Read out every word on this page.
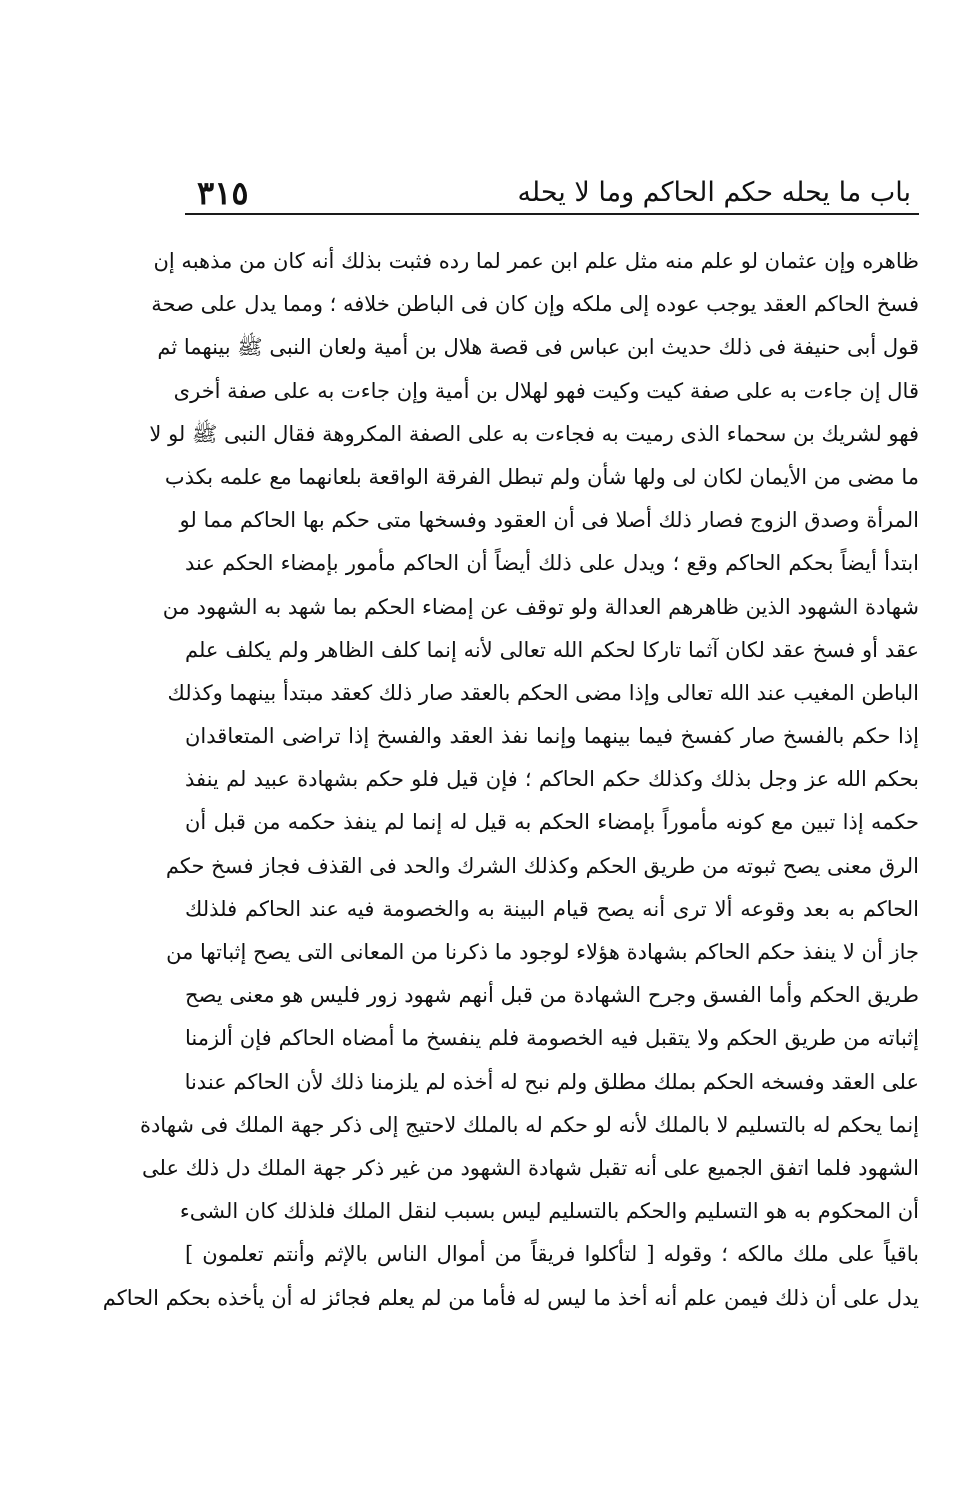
باب ما يحله حكم الحاكم وما لا يحله
٣١٥
ظاهره وإن عثمان لو علم منه مثل علم ابن عمر لما رده فثبت بذلك أنه كان من مذهبه إن
فسخ الحاكم العقد يوجب عوده إلى ملكه وإن كان فى الباطن خلافه ؛ ومما يدل على صحة
قول أبى حنيفة فى ذلك حديث ابن عباس فى قصة هلال بن أمية ولعان النبى ﷺ بينهما ثم
قال إن جاءت به على صفة كيت وكيت فهو لهلال بن أمية وإن جاءت به على صفة أخرى
فهو لشريك بن سحماء الذى رميت به فجاءت به على الصفة المكروهة فقال النبى ﷺ لو لا
ما مضى من الأيمان لكان لى ولها شأن ولم تبطل الفرقة الواقعة بلعانهما مع علمه بكذب
المرأة وصدق الزوج فصار ذلك أصلا فى أن العقود وفسخها متى حكم بها الحاكم مما لو
ابتدأ أيضاً بحكم الحاكم وقع ؛ ويدل على ذلك أيضاً أن الحاكم مأمور بإمضاء الحكم عند
شهادة الشهود الذين ظاهرهم العدالة ولو توقف عن إمضاء الحكم بما شهد به الشهود من
عقد أو فسخ عقد لكان آثما تاركا لحكم الله تعالى لأنه إنما كلف الظاهر ولم يكلف علم
الباطن المغيب عند الله تعالى وإذا مضى الحكم بالعقد صار ذلك كعقد مبتدأ بينهما وكذلك
إذا حكم بالفسخ صار كفسخ فيما بينهما وإنما نفذ العقد والفسخ إذا تراضى المتعاقدان
بحكم الله عز وجل بذلك وكذلك حكم الحاكم ؛ فإن قيل فلو حكم بشهادة عبيد لم ينفذ
حكمه إذا تبين مع كونه مأموراً بإمضاء الحكم به قيل له إنما لم ينفذ حكمه من قبل أن
الرق معنى يصح ثبوته من طريق الحكم وكذلك الشرك والحد فى القذف فجاز فسخ حكم
الحاكم به بعد وقوعه ألا ترى أنه يصح قيام البينة به والخصومة فيه عند الحاكم فلذلك
جاز أن لا ينفذ حكم الحاكم بشهادة هؤلاء لوجود ما ذكرنا من المعانى التى يصح إثباتها من
طريق الحكم وأما الفسق وجرح الشهادة من قبل أنهم شهود زور فليس هو معنى يصح
إثباته من طريق الحكم ولا يتقبل فيه الخصومة فلم ينفسخ ما أمضاه الحاكم فإن ألزمنا
على العقد وفسخه الحكم بملك مطلق ولم نبح له أخذه لم يلزمنا ذلك لأن الحاكم عندنا
إنما يحكم له بالتسليم لا بالملك لأنه لو حكم له بالملك لاحتيج إلى ذكر جهة الملك فى شهادة
الشهود فلما اتفق الجميع على أنه تقبل شهادة الشهود من غير ذكر جهة الملك دل ذلك على
أن المحكوم به هو التسليم والحكم بالتسليم ليس بسبب لنقل الملك فلذلك كان الشىء
باقياً على ملك مالكه ؛ وقوله [ لتأكلوا فريقاً من أموال الناس بالإثم وأنتم تعلمون ]
يدل على أن ذلك فيمن علم أنه أخذ ما ليس له فأما من لم يعلم فجائز له أن يأخذه بحكم الحاكم
